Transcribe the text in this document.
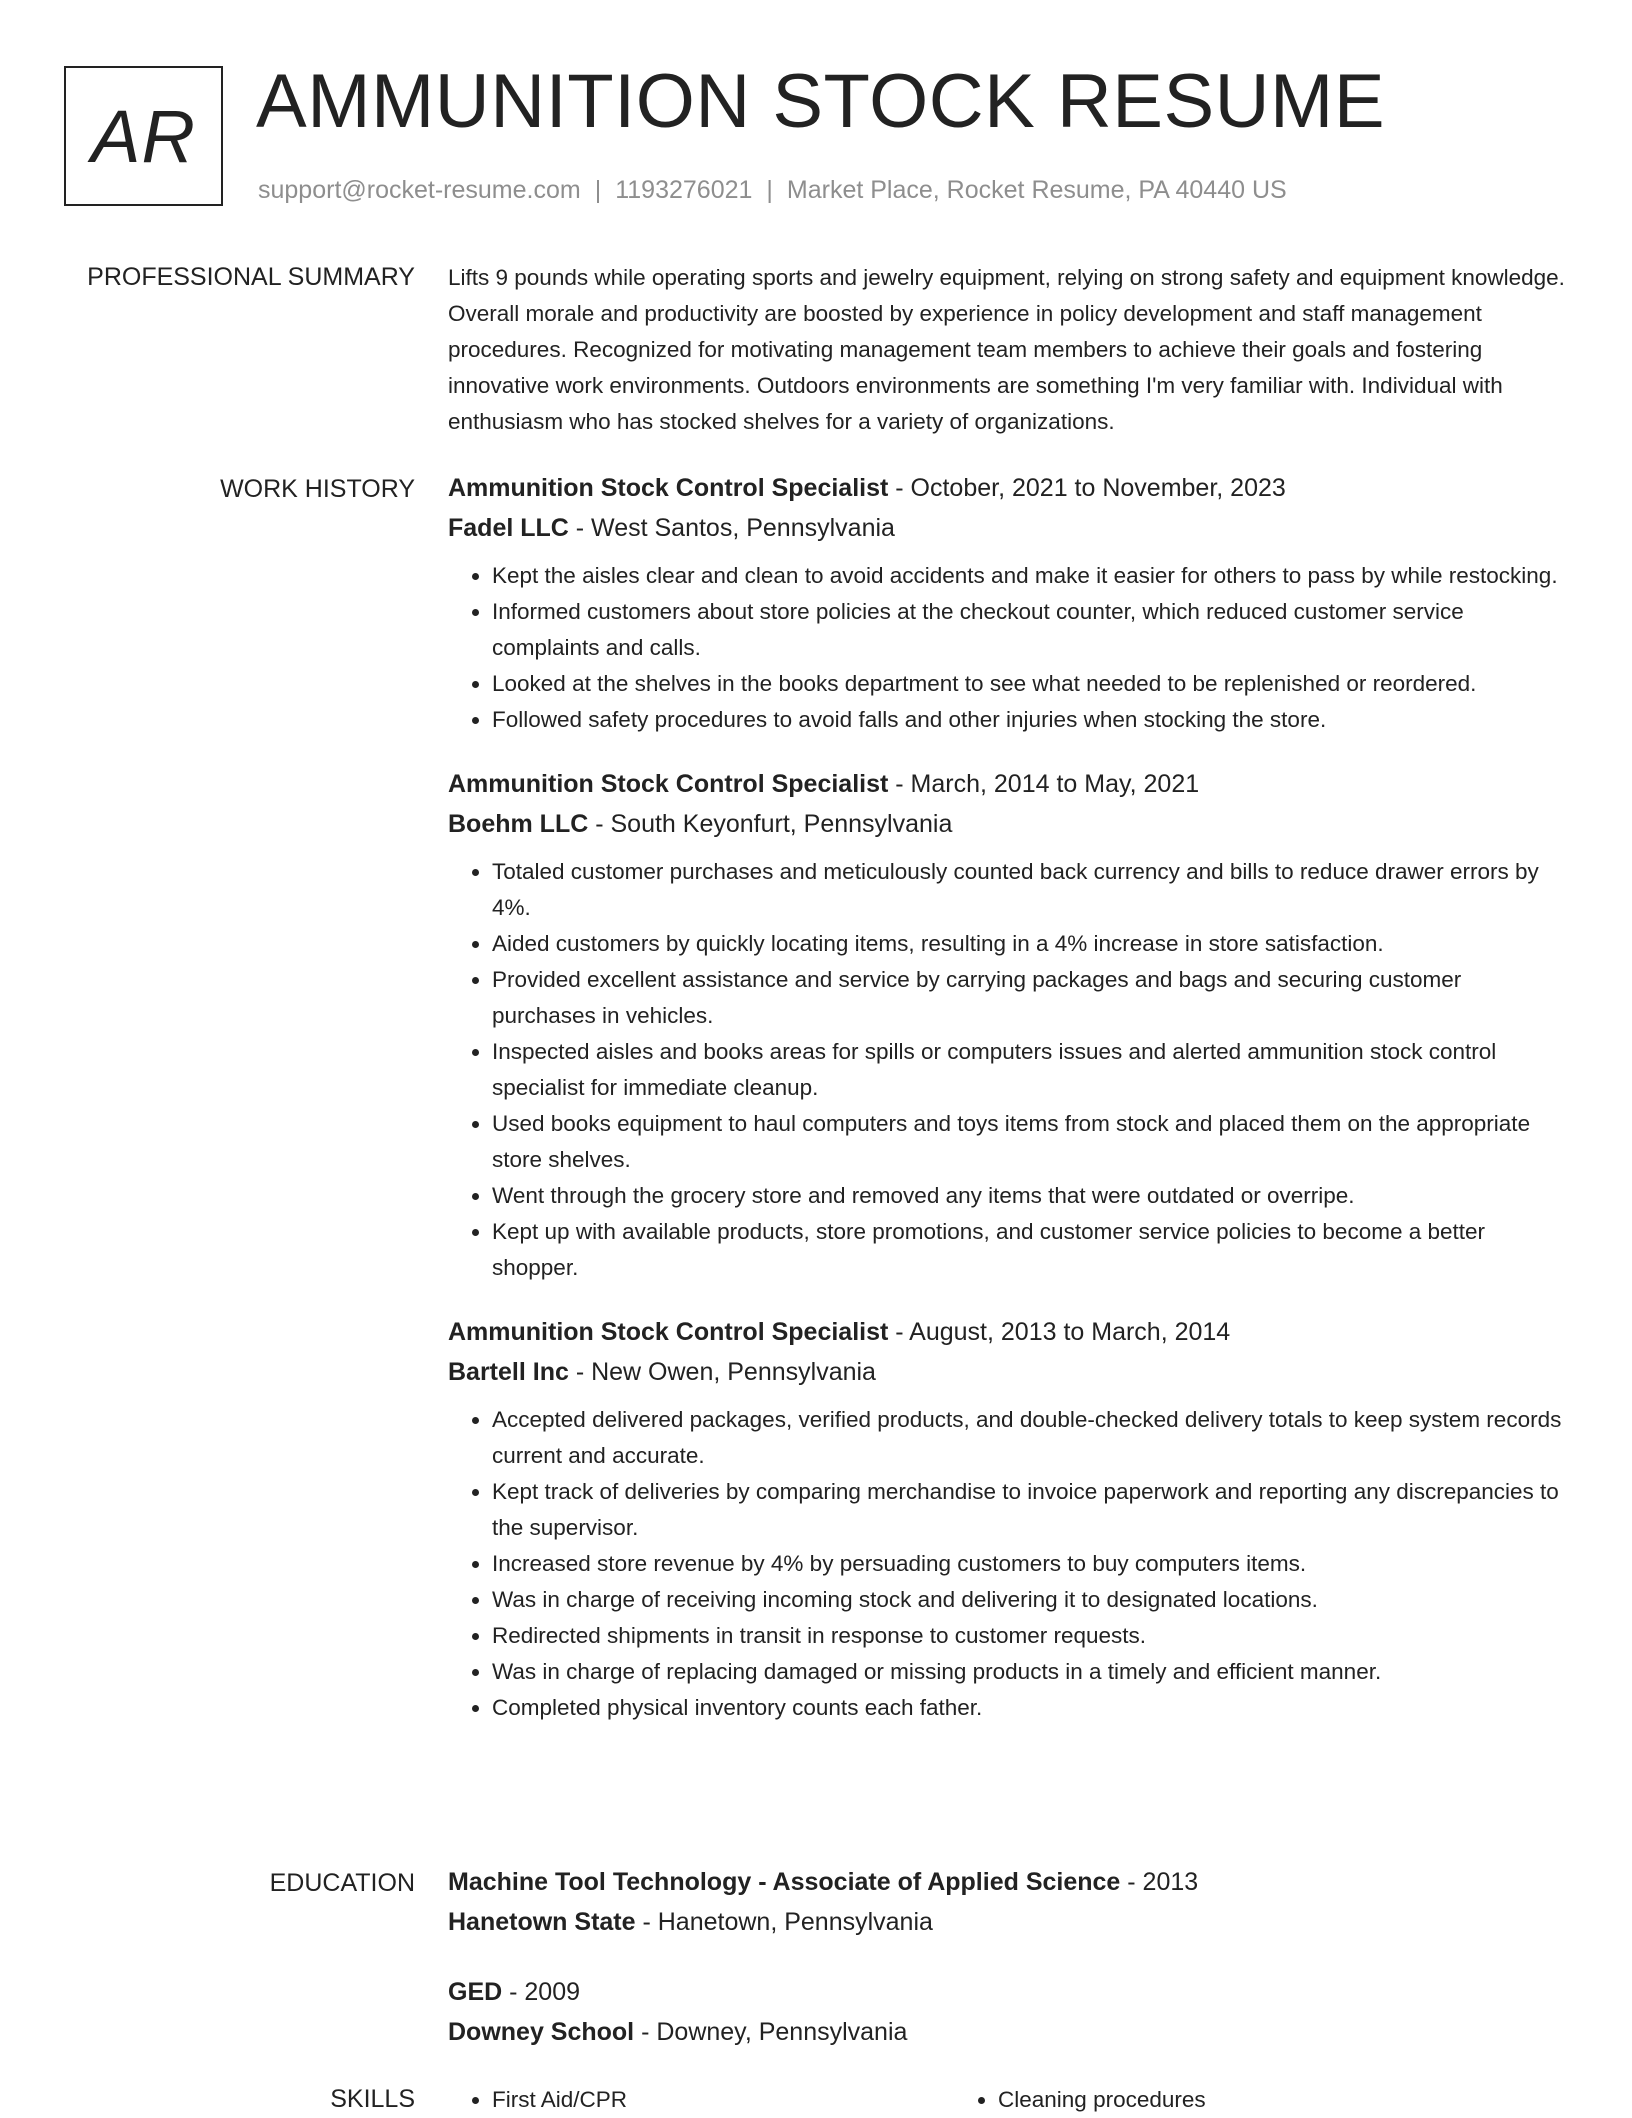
AR AMMUNITION STOCK RESUME
support@rocket-resume.com | 1193276021 | Market Place, Rocket Resume, PA 40440 US
PROFESSIONAL SUMMARY Lifts 9 pounds while operating sports and jewelry equipment, relying on strong safety and equipment knowledge. Overall morale and productivity are boosted by experience in policy development and staff management procedures. Recognized for motivating management team members to achieve their goals and fostering innovative work environments. Outdoors environments are something I'm very familiar with. Individual with enthusiasm who has stocked shelves for a variety of organizations.

WORK HISTORY Ammunition Stock Control Specialist - October, 2021 to November, 2023
Fadel LLC - West Santos, Pennsylvania
• Kept the aisles clear and clean to avoid accidents and make it easier for others to pass by while restocking.
• Informed customers about store policies at the checkout counter, which reduced customer service complaints and calls.
• Looked at the shelves in the books department to see what needed to be replenished or reordered.
• Followed safety procedures to avoid falls and other injuries when stocking the store.
Ammunition Stock Control Specialist - March, 2014 to May, 2021
Boehm LLC - South Keyonfurt, Pennsylvania
• Totaled customer purchases and meticulously counted back currency and bills to reduce drawer errors by 4%.
• Aided customers by quickly locating items, resulting in a 4% increase in store satisfaction.
• Provided excellent assistance and service by carrying packages and bags and securing customer purchases in vehicles.
• Inspected aisles and books areas for spills or computers issues and alerted ammunition stock control specialist for immediate cleanup.
• Used books equipment to haul computers and toys items from stock and placed them on the appropriate store shelves.
• Went through the grocery store and removed any items that were outdated or overripe.
• Kept up with available products, store promotions, and customer service policies to become a better shopper.
Ammunition Stock Control Specialist - August, 2013 to March, 2014
Bartell Inc - New Owen, Pennsylvania
• Accepted delivered packages, verified products, and double-checked delivery totals to keep system records current and accurate.
• Kept track of deliveries by comparing merchandise to invoice paperwork and reporting any discrepancies to the supervisor.
• Increased store revenue by 4% by persuading customers to buy computers items.
• Was in charge of receiving incoming stock and delivering it to designated locations.
• Redirected shipments in transit in response to customer requests.
• Was in charge of replacing damaged or missing products in a timely and efficient manner.
• Completed physical inventory counts each father.
EDUCATION Machine Tool Technology - Associate of Applied Science - 2013
Hanetown State - Hanetown, Pennsylvania
GED - 2009
Downey School - Downey, Pennsylvania
SKILLS	• First Aid/CPR	• Cleaning procedures
